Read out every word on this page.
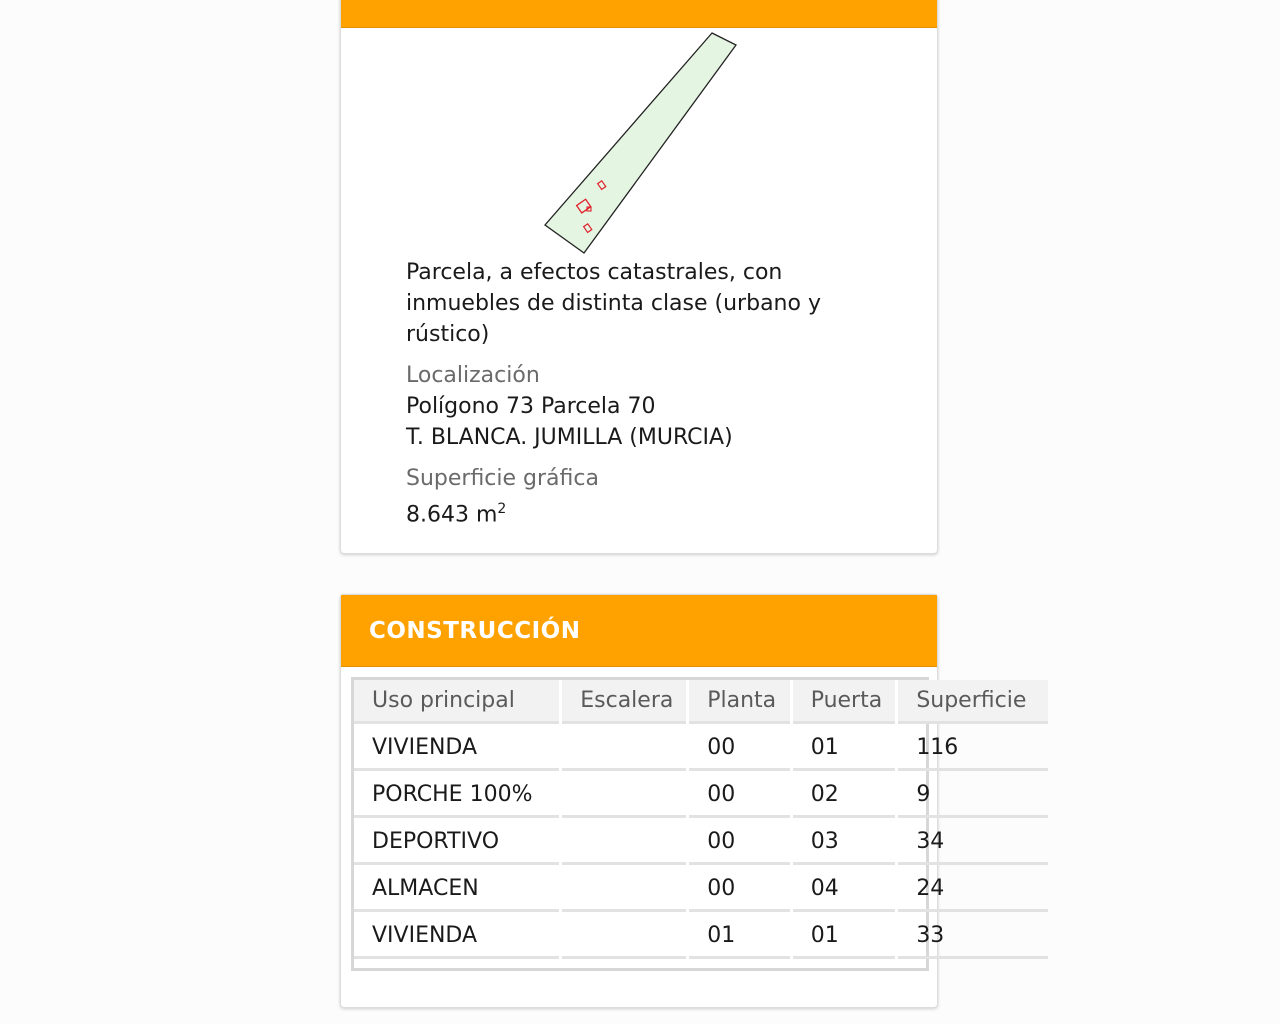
Parcela, a efectos catastrales, con inmuebles de distinta clase (urbano y rústico)

Localización

Polígono 73 Parcela 70
T. BLANCA. JUMILLA (MURCIA)

Superficie gráfica

8.643 $m^2$

CONSTRUCCIÓN
Uso principal	Escalera	Planta	Puerta	Superficie
VIVIENDA		00	01	116
PORCHE 100%		00	02	9
DEPORTIVO		00	03	34
ALMACEN		00	04	24
VIVIENDA		01	01	33
